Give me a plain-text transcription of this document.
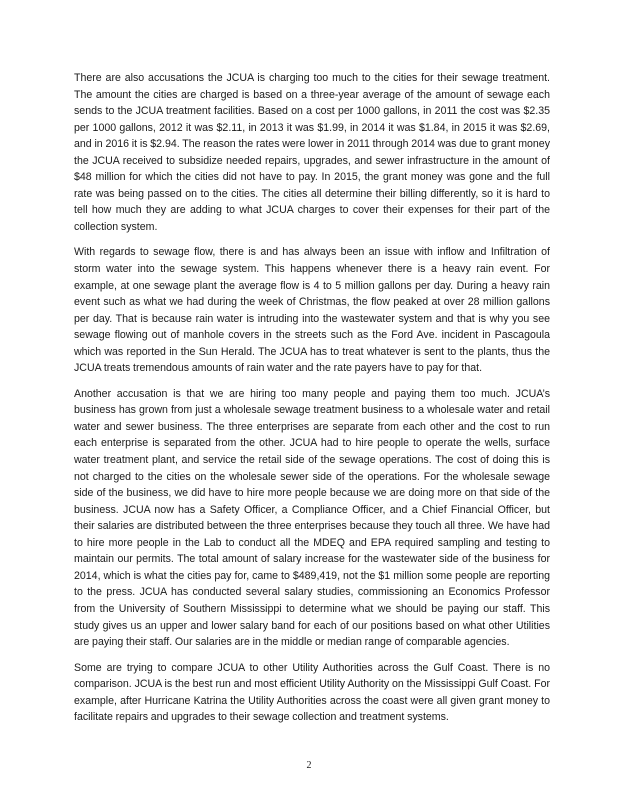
There are also accusations the JCUA is charging too much to the cities for their sewage treatment. The amount the cities are charged is based on a three-year average of the amount of sewage each sends to the JCUA treatment facilities. Based on a cost per 1000 gallons, in 2011 the cost was $2.35 per 1000 gallons, 2012 it was $2.11, in 2013 it was $1.99, in 2014 it was $1.84, in 2015 it was $2.69, and in 2016 it is $2.94. The reason the rates were lower in 2011 through 2014 was due to grant money the JCUA received to subsidize needed repairs, upgrades, and sewer infrastructure in the amount of $48 million for which the cities did not have to pay. In 2015, the grant money was gone and the full rate was being passed on to the cities. The cities all determine their billing differently, so it is hard to tell how much they are adding to what JCUA charges to cover their expenses for their part of the collection system.

With regards to sewage flow, there is and has always been an issue with inflow and Infiltration of storm water into the sewage system. This happens whenever there is a heavy rain event. For example, at one sewage plant the average flow is 4 to 5 million gallons per day. During a heavy rain event such as what we had during the week of Christmas, the flow peaked at over 28 million gallons per day. That is because rain water is intruding into the wastewater system and that is why you see sewage flowing out of manhole covers in the streets such as the Ford Ave. incident in Pascagoula which was reported in the Sun Herald. The JCUA has to treat whatever is sent to the plants, thus the JCUA treats tremendous amounts of rain water and the rate payers have to pay for that.

Another accusation is that we are hiring too many people and paying them too much. JCUA’s business has grown from just a wholesale sewage treatment business to a wholesale water and retail water and sewer business. The three enterprises are separate from each other and the cost to run each enterprise is separated from the other. JCUA had to hire people to operate the wells, surface water treatment plant, and service the retail side of the sewage operations. The cost of doing this is not charged to the cities on the wholesale sewer side of the operations. For the wholesale sewage side of the business, we did have to hire more people because we are doing more on that side of the business. JCUA now has a Safety Officer, a Compliance Officer, and a Chief Financial Officer, but their salaries are distributed between the three enterprises because they touch all three. We have had to hire more people in the Lab to conduct all the MDEQ and EPA required sampling and testing to maintain our permits. The total amount of salary increase for the wastewater side of the business for 2014, which is what the cities pay for, came to $489,419, not the $1 million some people are reporting to the press. JCUA has conducted several salary studies, commissioning an Economics Professor from the University of Southern Mississippi to determine what we should be paying our staff. This study gives us an upper and lower salary band for each of our positions based on what other Utilities are paying their staff. Our salaries are in the middle or median range of comparable agencies.

Some are trying to compare JCUA to other Utility Authorities across the Gulf Coast. There is no comparison. JCUA is the best run and most efficient Utility Authority on the Mississippi Gulf Coast. For example, after Hurricane Katrina the Utility Authorities across the coast were all given grant money to facilitate repairs and upgrades to their sewage collection and treatment systems.

2
